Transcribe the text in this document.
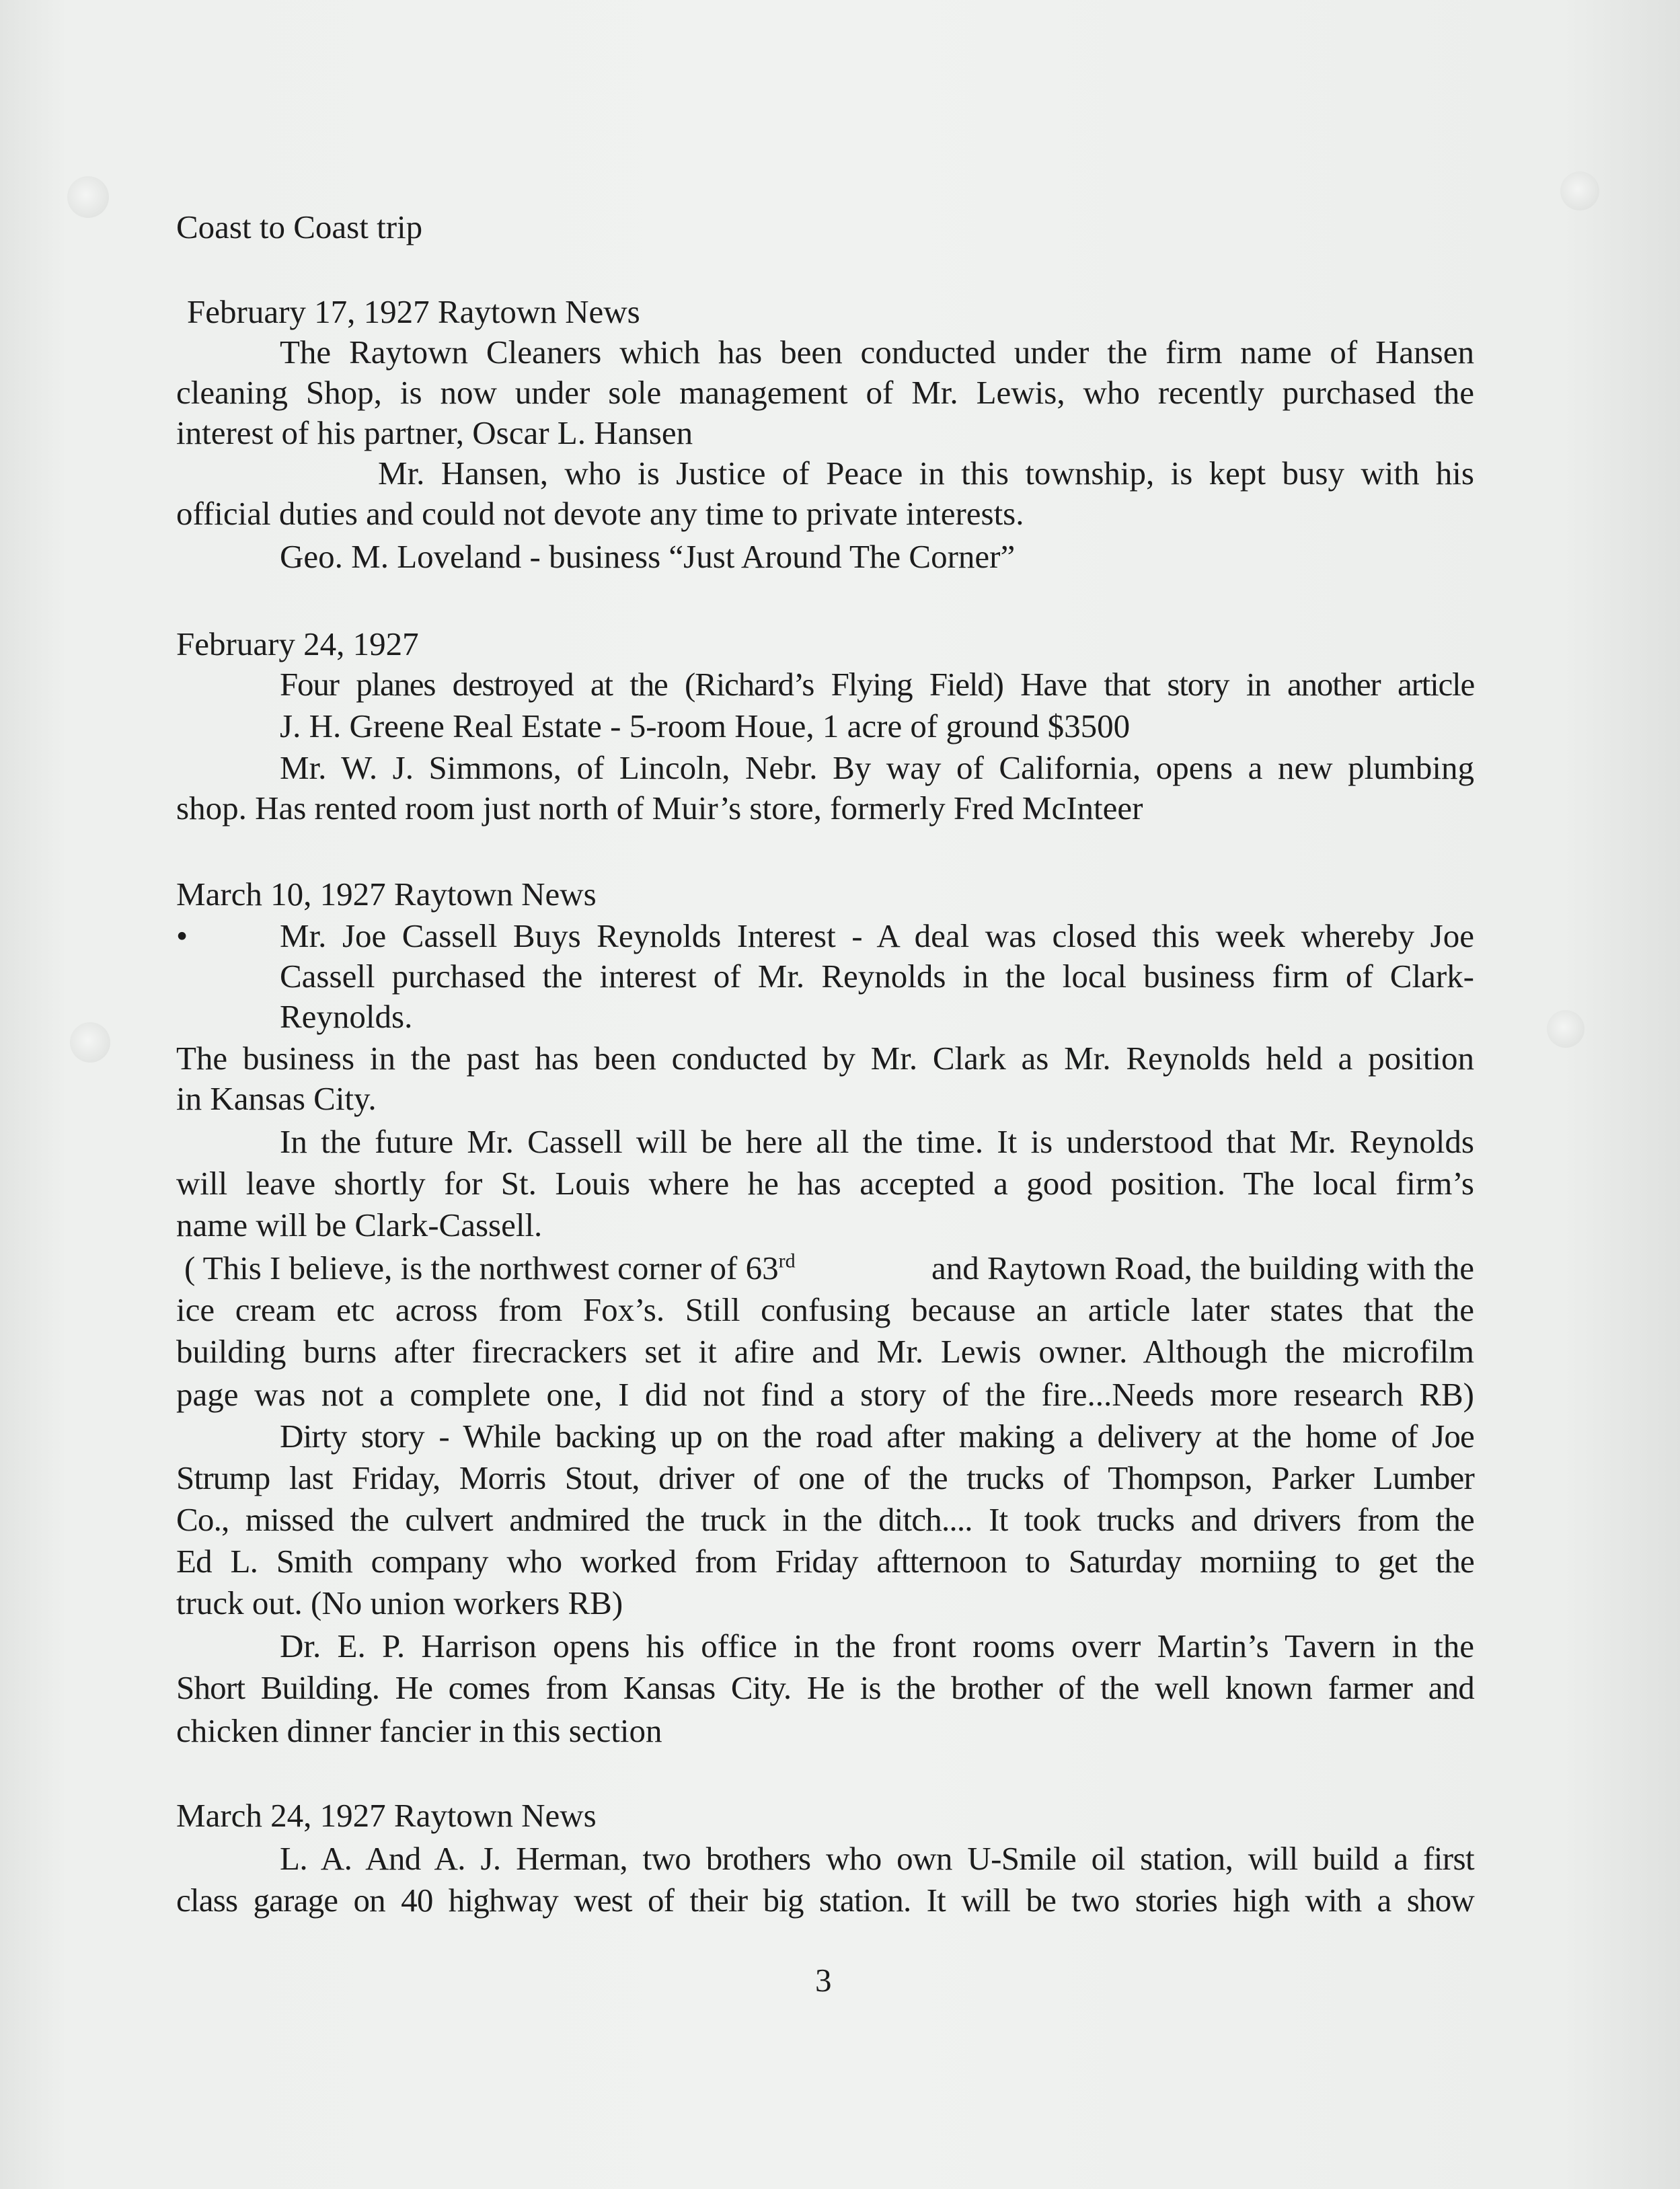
Coast to Coast trip
February 17, 1927 Raytown News
The Raytown Cleaners which has been conducted under the firm name of Hansen
cleaning Shop, is now under sole management of Mr. Lewis, who recently purchased the
interest of his partner, Oscar L. Hansen
Mr. Hansen, who is Justice of Peace in this township, is kept busy with his
official duties and could not devote any time to private interests.
Geo. M. Loveland - business “Just Around The Corner”
February 24, 1927
Four planes destroyed at the (Richard’s Flying Field) Have that story in another article
J. H. Greene Real Estate - 5-room Houe, 1 acre of ground $3500
Mr. W. J. Simmons, of Lincoln, Nebr. By way of California, opens a new plumbing
shop. Has rented room just north of Muir’s store, formerly Fred McInteer
March 10, 1927 Raytown News
•	Mr. Joe Cassell Buys Reynolds Interest - A deal was closed this week whereby Joe
Cassell purchased the interest of Mr. Reynolds in the local business firm of Clark-
Reynolds.
The business in the past has been conducted by Mr. Clark as Mr. Reynolds held a position
in Kansas City.
In the future Mr. Cassell will be here all the time. It is understood that Mr. Reynolds
will leave shortly for St. Louis where he has accepted a good position. The local firm’s
name will be Clark-Cassell.
( This I believe, is the northwest corner of 63rd	and Raytown Road, the building with the
ice cream etc across from Fox’s. Still confusing because an article later states that the
building burns after firecrackers set it afire and Mr. Lewis owner. Although the microfilm
page was not a complete one, I did not find a story of the fire...Needs more research RB)
Dirty story - While backing up on the road after making a delivery at the home of Joe
Strump last Friday, Morris Stout, driver of one of the trucks of Thompson, Parker Lumber
Co., missed the culvert andmired the truck in the ditch.... It took trucks and drivers from the
Ed L. Smith company who worked from Friday aftternoon to Saturday morniing to get the
truck out. (No union workers RB)
Dr. E. P. Harrison opens his office in the front rooms overr Martin’s Tavern in the
Short Building. He comes from Kansas City. He is the brother of the well known farmer and
chicken dinner fancier in this section
March 24, 1927 Raytown News
L. A. And A. J. Herman, two brothers who own U-Smile oil station, will build a first
class garage on 40 highway west of their big station. It will be two stories high with a show
3
